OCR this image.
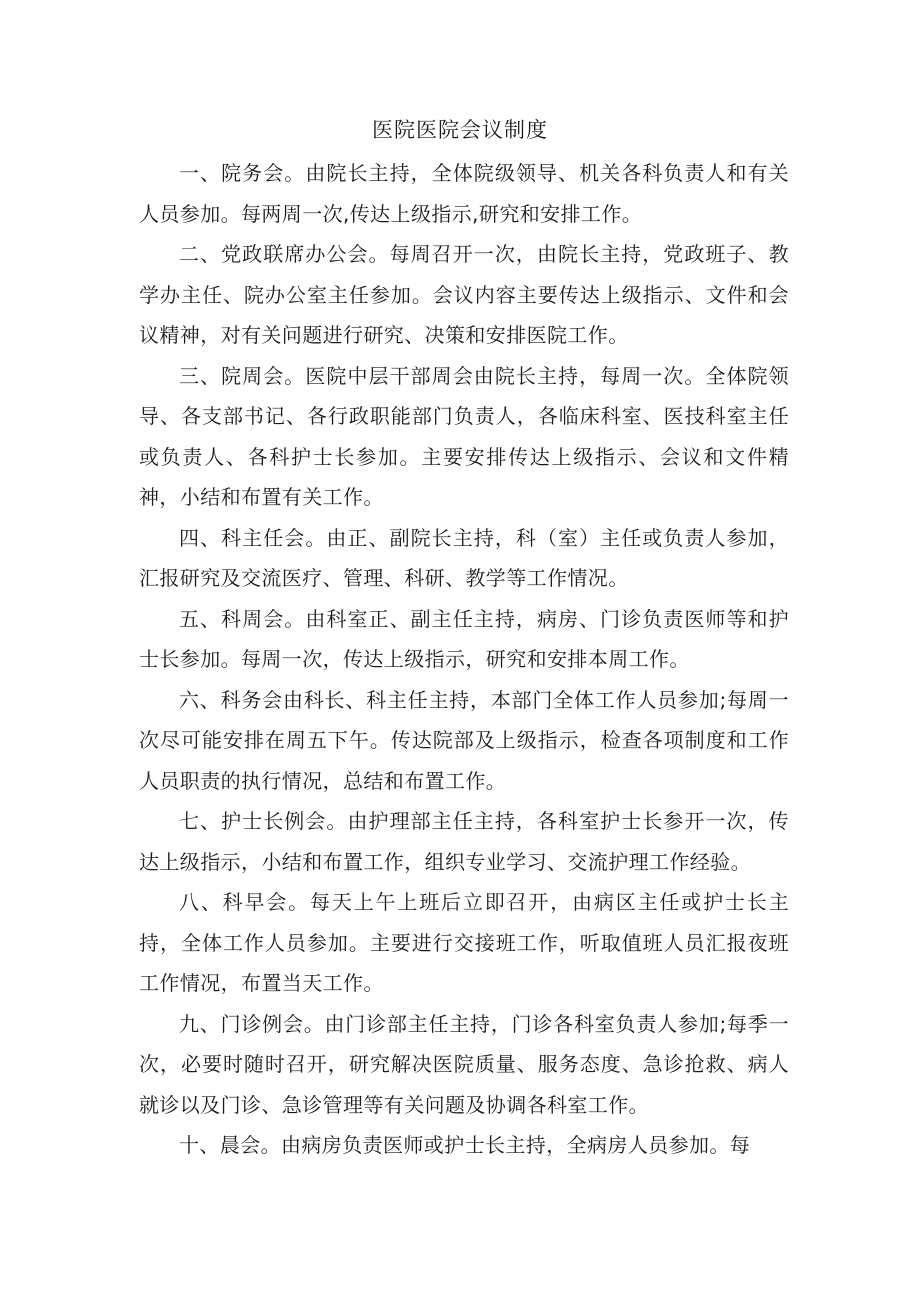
医院医院会议制度

一、院务会。由院长主持，全体院级领导、机关各科负责人和有关人员参加。每两周一次,传达上级指示,研究和安排工作。

二、党政联席办公会。每周召开一次，由院长主持，党政班子、教学办主任、院办公室主任参加。会议内容主要传达上级指示、文件和会议精神，对有关问题进行研究、决策和安排医院工作。

三、院周会。医院中层干部周会由院长主持，每周一次。全体院领导、各支部书记、各行政职能部门负责人，各临床科室、医技科室主任或负责人、各科护士长参加。主要安排传达上级指示、会议和文件精神，小结和布置有关工作。

四、科主任会。由正、副院长主持，科（室）主任或负责人参加，汇报研究及交流医疗、管理、科研、教学等工作情况。

五、科周会。由科室正、副主任主持，病房、门诊负责医师等和护士长参加。每周一次，传达上级指示，研究和安排本周工作。

六、科务会由科长、科主任主持，本部门全体工作人员参加;每周一次尽可能安排在周五下午。传达院部及上级指示，检查各项制度和工作人员职责的执行情况，总结和布置工作。

七、护士长例会。由护理部主任主持，各科室护士长参开一次，传达上级指示，小结和布置工作，组织专业学习、交流护理工作经验。

八、科早会。每天上午上班后立即召开，由病区主任或护士长主持，全体工作人员参加。主要进行交接班工作，听取值班人员汇报夜班工作情况，布置当天工作。

九、门诊例会。由门诊部主任主持，门诊各科室负责人参加;每季一次，必要时随时召开，研究解决医院质量、服务态度、急诊抢救、病人就诊以及门诊、急诊管理等有关问题及协调各科室工作。

十、晨会。由病房负责医师或护士长主持，全病房人员参加。每
